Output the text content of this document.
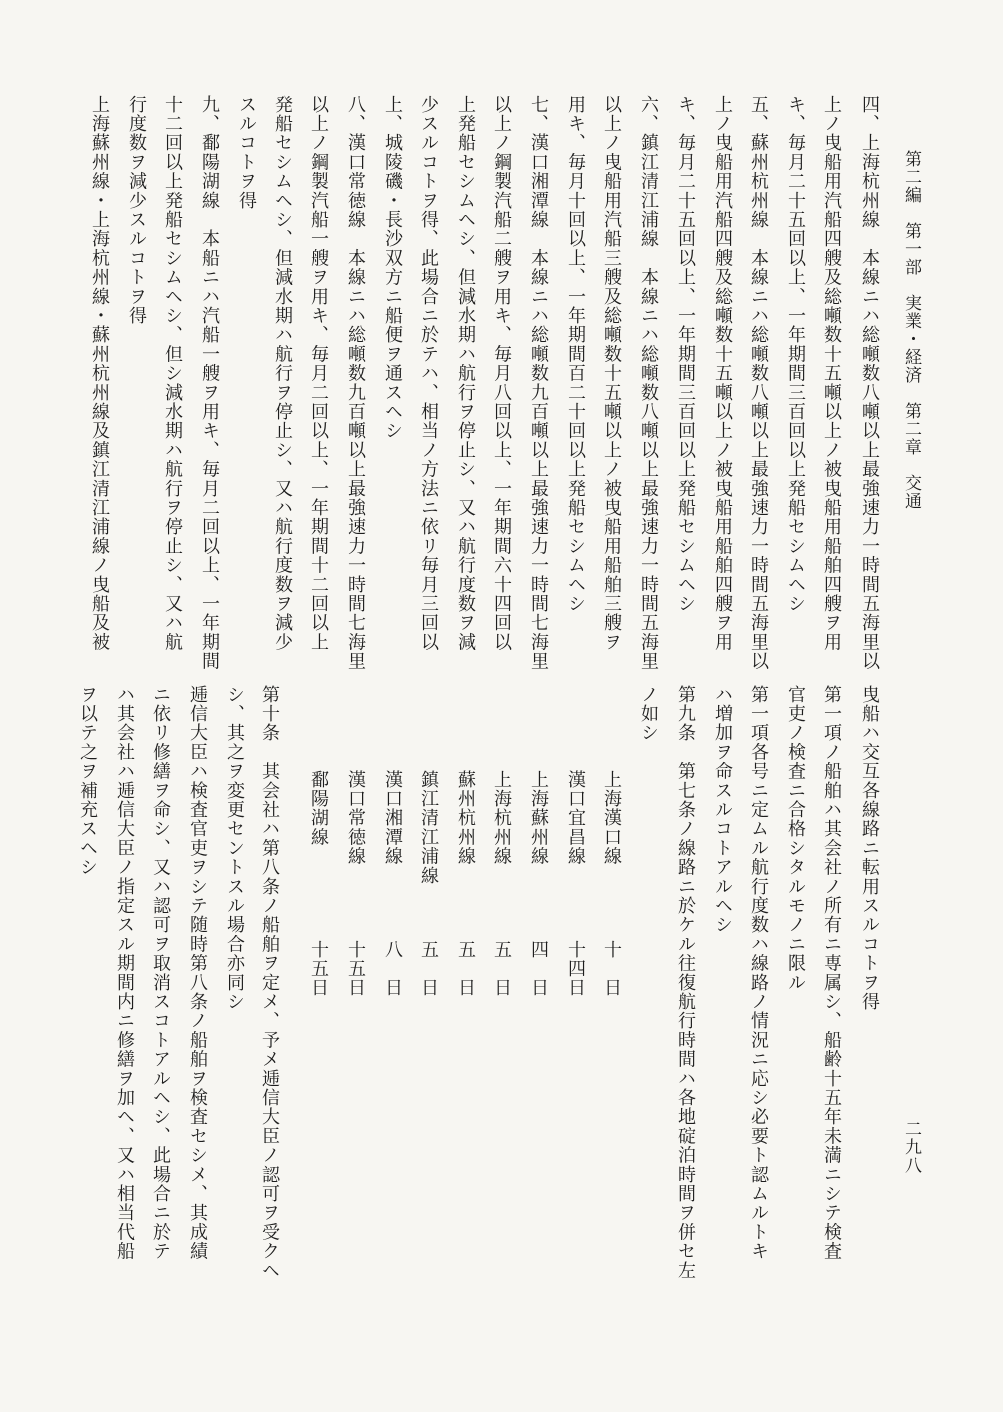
第二編　第一部　実業・経済　第二章　交通
二九八
四、上海杭州線　本線ニハ総噸数八噸以上最強速力一時間五海里以
上ノ曳船用汽船四艘及総噸数十五噸以上ノ被曳船用船舶四艘ヲ用
キ、毎月二十五回以上、一年期間三百回以上発船セシムヘシ
五、蘇州杭州線　本線ニハ総噸数八噸以上最強速力一時間五海里以
上ノ曳船用汽船四艘及総噸数十五噸以上ノ被曳船用船舶四艘ヲ用
キ、毎月二十五回以上、一年期間三百回以上発船セシムヘシ
六、鎮江清江浦線　本線ニハ総噸数八噸以上最強速力一時間五海里
以上ノ曳船用汽船三艘及総噸数十五噸以上ノ被曳船用船舶三艘ヲ
用キ、毎月十回以上、一年期間百二十回以上発船セシムヘシ
七、漢口湘潭線　本線ニハ総噸数九百噸以上最強速力一時間七海里
以上ノ鋼製汽船二艘ヲ用キ、毎月八回以上、一年期間六十四回以
上発船セシムヘシ、但減水期ハ航行ヲ停止シ、又ハ航行度数ヲ減
少スルコトヲ得、此場合ニ於テハ、相当ノ方法ニ依リ毎月三回以
上、城陵磯・長沙双方ニ船便ヲ通スヘシ
八、漢口常徳線　本線ニハ総噸数九百噸以上最強速力一時間七海里
以上ノ鋼製汽船一艘ヲ用キ、毎月二回以上、一年期間十二回以上
発船セシムヘシ、但減水期ハ航行ヲ停止シ、又ハ航行度数ヲ減少
スルコトヲ得
九、鄱陽湖線　本船ニハ汽船一艘ヲ用キ、毎月二回以上、一年期間
十二回以上発船セシムヘシ、但シ減水期ハ航行ヲ停止シ、又ハ航
行度数ヲ減少スルコトヲ得
上海蘇州線・上海杭州線・蘇州杭州線及鎮江清江浦線ノ曳船及被
曳船ハ交互各線路ニ転用スルコトヲ得
第一項ノ船舶ハ其会社ノ所有ニ専属シ、船齢十五年未満ニシテ検査
官吏ノ検査ニ合格シタルモノニ限ル
第一項各号ニ定ムル航行度数ハ線路ノ情況ニ応シ必要ト認ムルトキ
ハ増加ヲ命スルコトアルヘシ
第九条　第七条ノ線路ニ於ケル往復航行時間ハ各地碇泊時間ヲ併セ左
ノ如シ
上海漢口線
十　日
漢口宜昌線
十四日
上海蘇州線
四　日
上海杭州線
五　日
蘇州杭州線
五　日
鎮江清江浦線
五　日
漢口湘潭線
八　日
漢口常徳線
十五日
鄱陽湖線
十五日
第十条　其会社ハ第八条ノ船舶ヲ定メ、予メ逓信大臣ノ認可ヲ受クヘ
シ、其之ヲ変更セントスル場合亦同シ
逓信大臣ハ検査官吏ヲシテ随時第八条ノ船舶ヲ検査セシメ、其成績
ニ依リ修繕ヲ命シ、又ハ認可ヲ取消スコトアルヘシ、此場合ニ於テ
ハ其会社ハ逓信大臣ノ指定スル期間内ニ修繕ヲ加ヘ、又ハ相当代船
ヲ以テ之ヲ補充スヘシ
